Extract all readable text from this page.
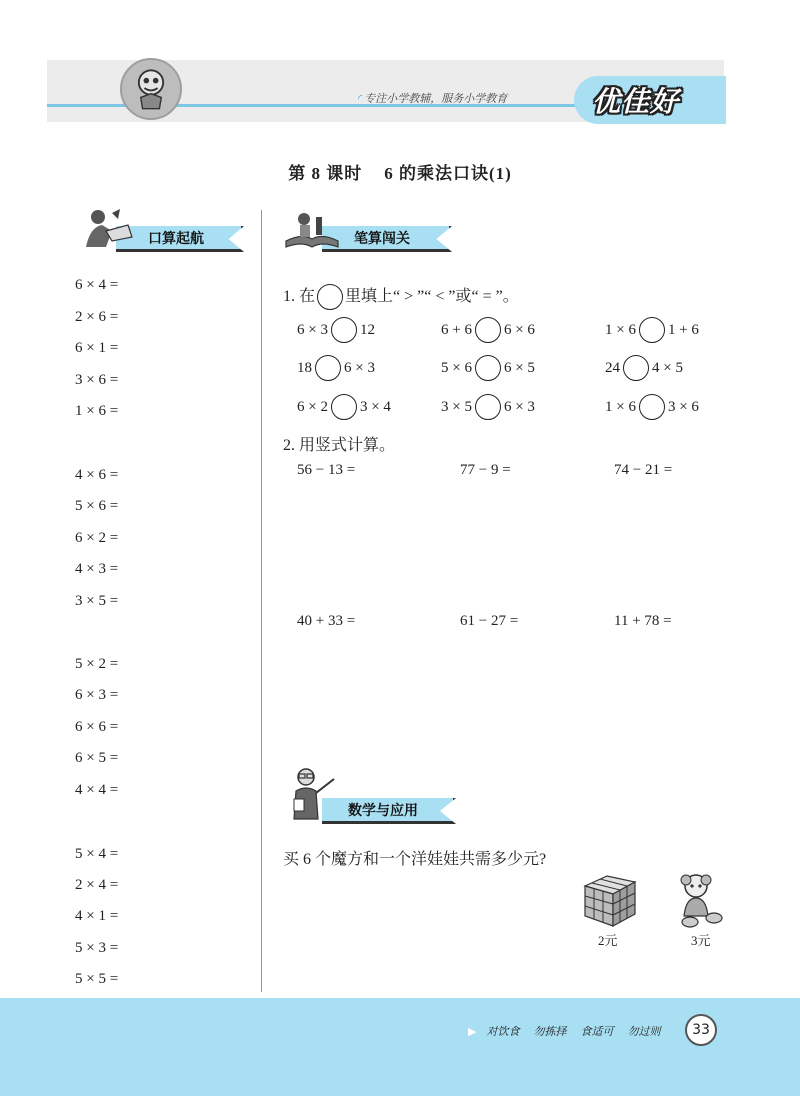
◜ 专注小学教辅，服务小学教育	优佳好
第 8 课时 6 的乘法口诀(1)
口算起航
6 × 4 =
2 × 6 =
6 × 1 =
3 × 6 =
1 × 6 =
4 × 6 =
5 × 6 =
6 × 2 =
4 × 3 =
3 × 5 =
5 × 2 =
6 × 3 =
6 × 6 =
6 × 5 =
4 × 4 =
5 × 4 =
2 × 4 =
4 × 1 =
5 × 3 =
5 × 5 =
笔算闯关
1. 在 里填上“ > ”“ < ”或“ = ”。
6 × 3 12	6 + 6 6 × 6	1 × 6 1 + 6
18 6 × 3	5 × 6 6 × 5	24 4 × 5
6 × 2 3 × 4	3 × 5 6 × 3	1 × 6 3 × 6
2. 用竖式计算。
56 − 13 =	77 − 9 =	74 − 21 =
40 + 33 =	61 − 27 =	11 + 78 =
数学与应用
买 6 个魔方和一个洋娃娃共需多少元?
2元	3元
▶ 对饮食 勿拣择 食适可 勿过则	33
